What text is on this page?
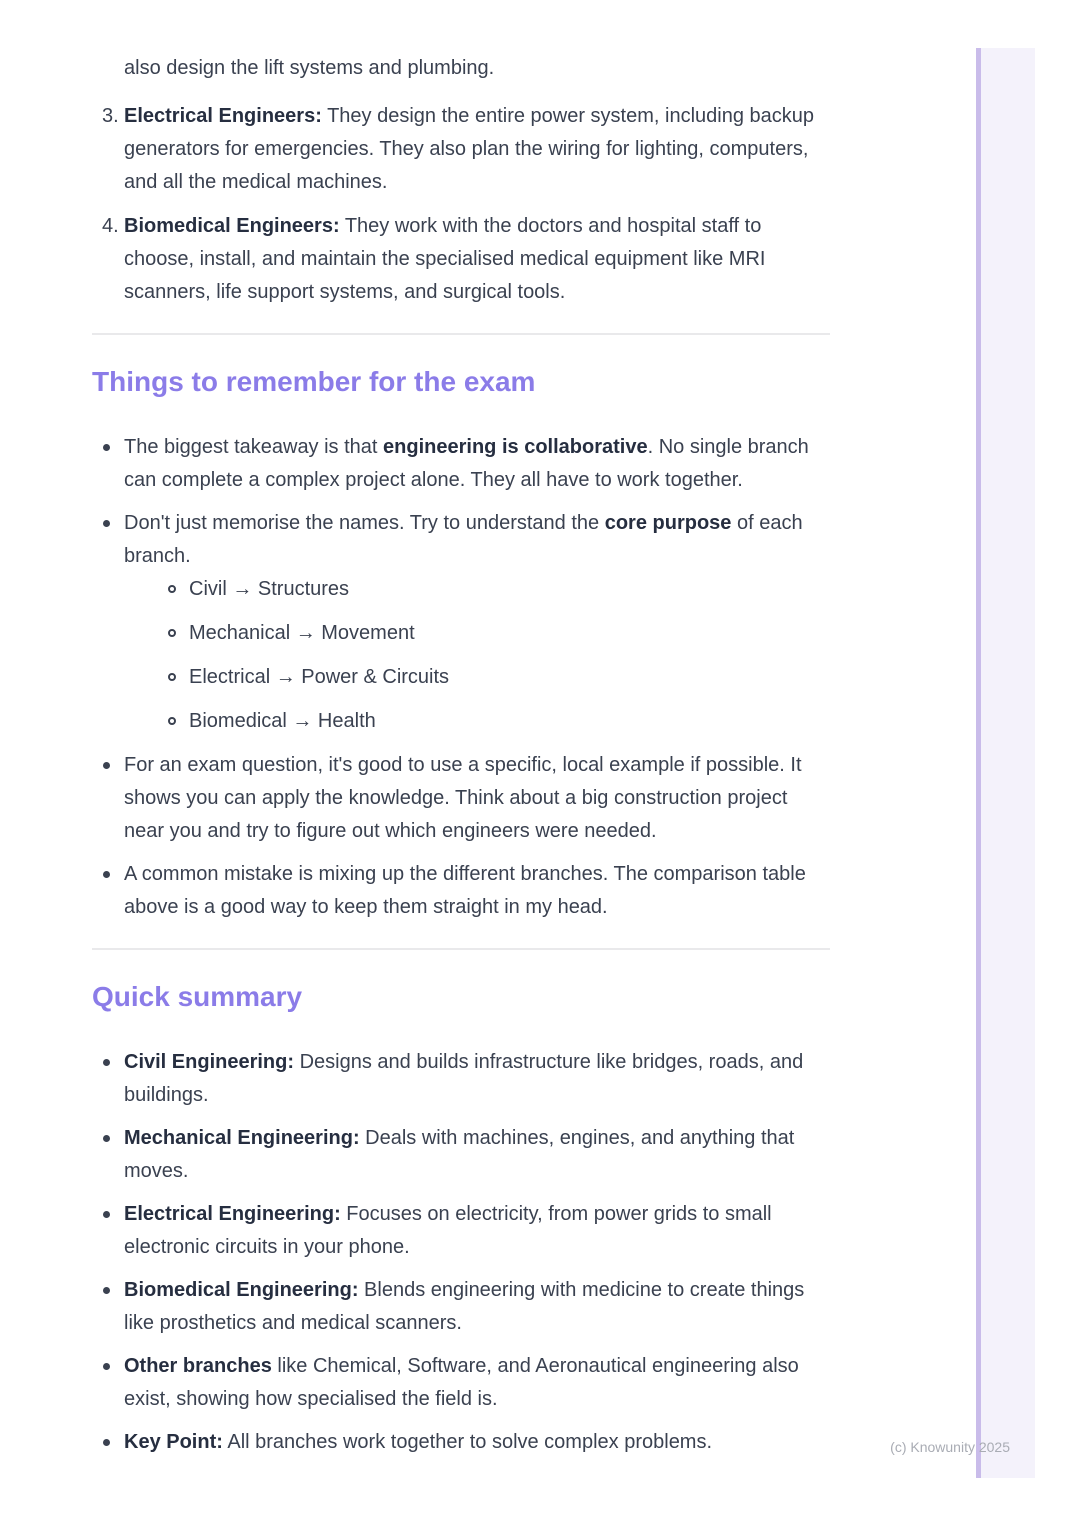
also design the lift systems and plumbing.

3. Electrical Engineers: They design the entire power system, including backup generators for emergencies. They also plan the wiring for lighting, computers, and all the medical machines.
4. Biomedical Engineers: They work with the doctors and hospital staff to choose, install, and maintain the specialised medical equipment like MRI scanners, life support systems, and surgical tools.
Things to remember for the exam
The biggest takeaway is that engineering is collaborative. No single branch can complete a complex project alone. They all have to work together.
Don't just memorise the names. Try to understand the core purpose of each branch.
Civil → Structures
Mechanical → Movement
Electrical → Power & Circuits
Biomedical → Health
For an exam question, it's good to use a specific, local example if possible. It shows you can apply the knowledge. Think about a big construction project near you and try to figure out which engineers were needed.
A common mistake is mixing up the different branches. The comparison table above is a good way to keep them straight in my head.
Quick summary
Civil Engineering: Designs and builds infrastructure like bridges, roads, and buildings.
Mechanical Engineering: Deals with machines, engines, and anything that moves.
Electrical Engineering: Focuses on electricity, from power grids to small electronic circuits in your phone.
Biomedical Engineering: Blends engineering with medicine to create things like prosthetics and medical scanners.
Other branches like Chemical, Software, and Aeronautical engineering also exist, showing how specialised the field is.
Key Point: All branches work together to solve complex problems.	(c) Knowunity 2025
